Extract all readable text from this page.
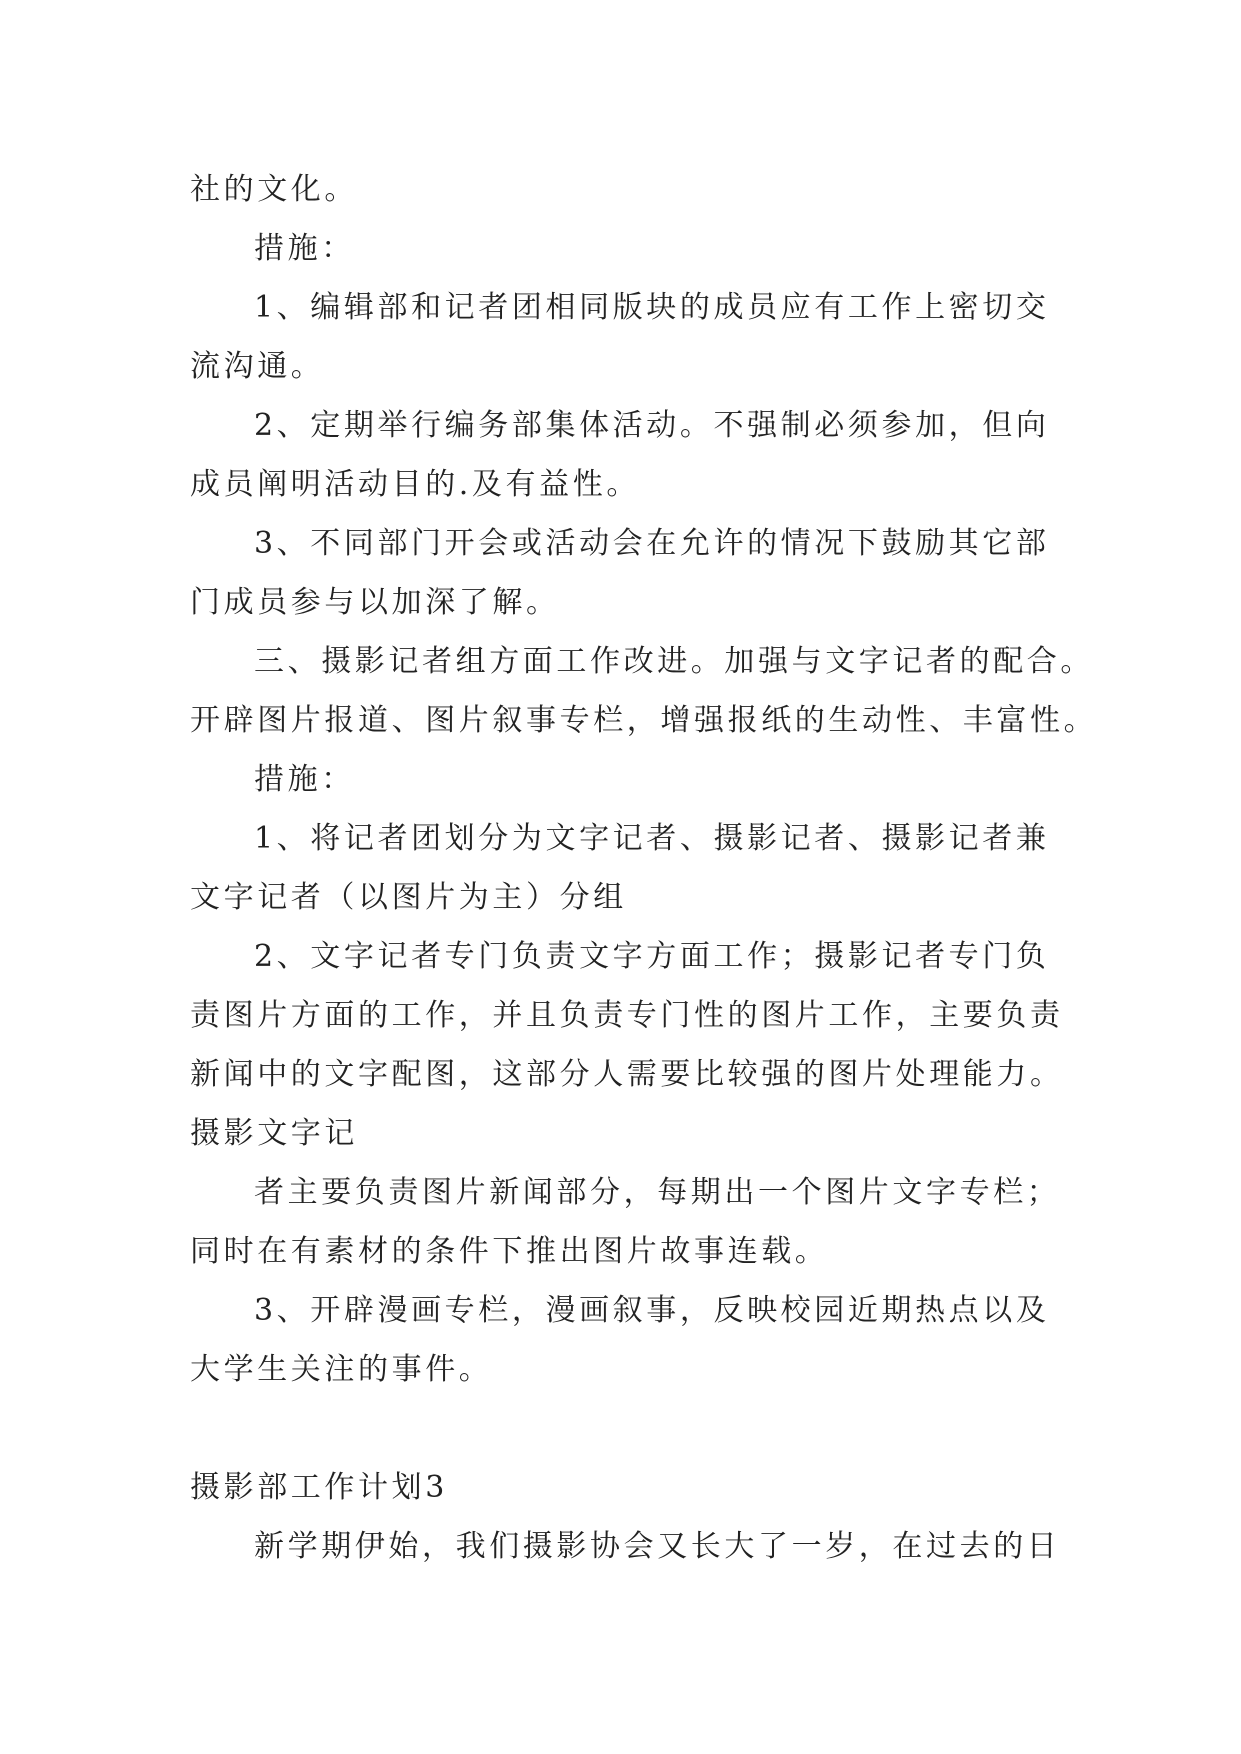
社的文化。

措施：

1、编辑部和记者团相同版块的成员应有工作上密切交

流沟通。

2、定期举行编务部集体活动。不强制必须参加，但向

成员阐明活动目的.及有益性。

3、不同部门开会或活动会在允许的情况下鼓励其它部

门成员参与以加深了解。

三、摄影记者组方面工作改进。加强与文字记者的配合。

开辟图片报道、图片叙事专栏，增强报纸的生动性、丰富性。

措施：

1、将记者团划分为文字记者、摄影记者、摄影记者兼

文字记者（以图片为主）分组

2、文字记者专门负责文字方面工作；摄影记者专门负

责图片方面的工作，并且负责专门性的图片工作，主要负责

新闻中的文字配图，这部分人需要比较强的图片处理能力。

摄影文字记

者主要负责图片新闻部分，每期出一个图片文字专栏；

同时在有素材的条件下推出图片故事连载。

3、开辟漫画专栏，漫画叙事，反映校园近期热点以及

大学生关注的事件。

摄影部工作计划3

新学期伊始，我们摄影协会又长大了一岁，在过去的日
